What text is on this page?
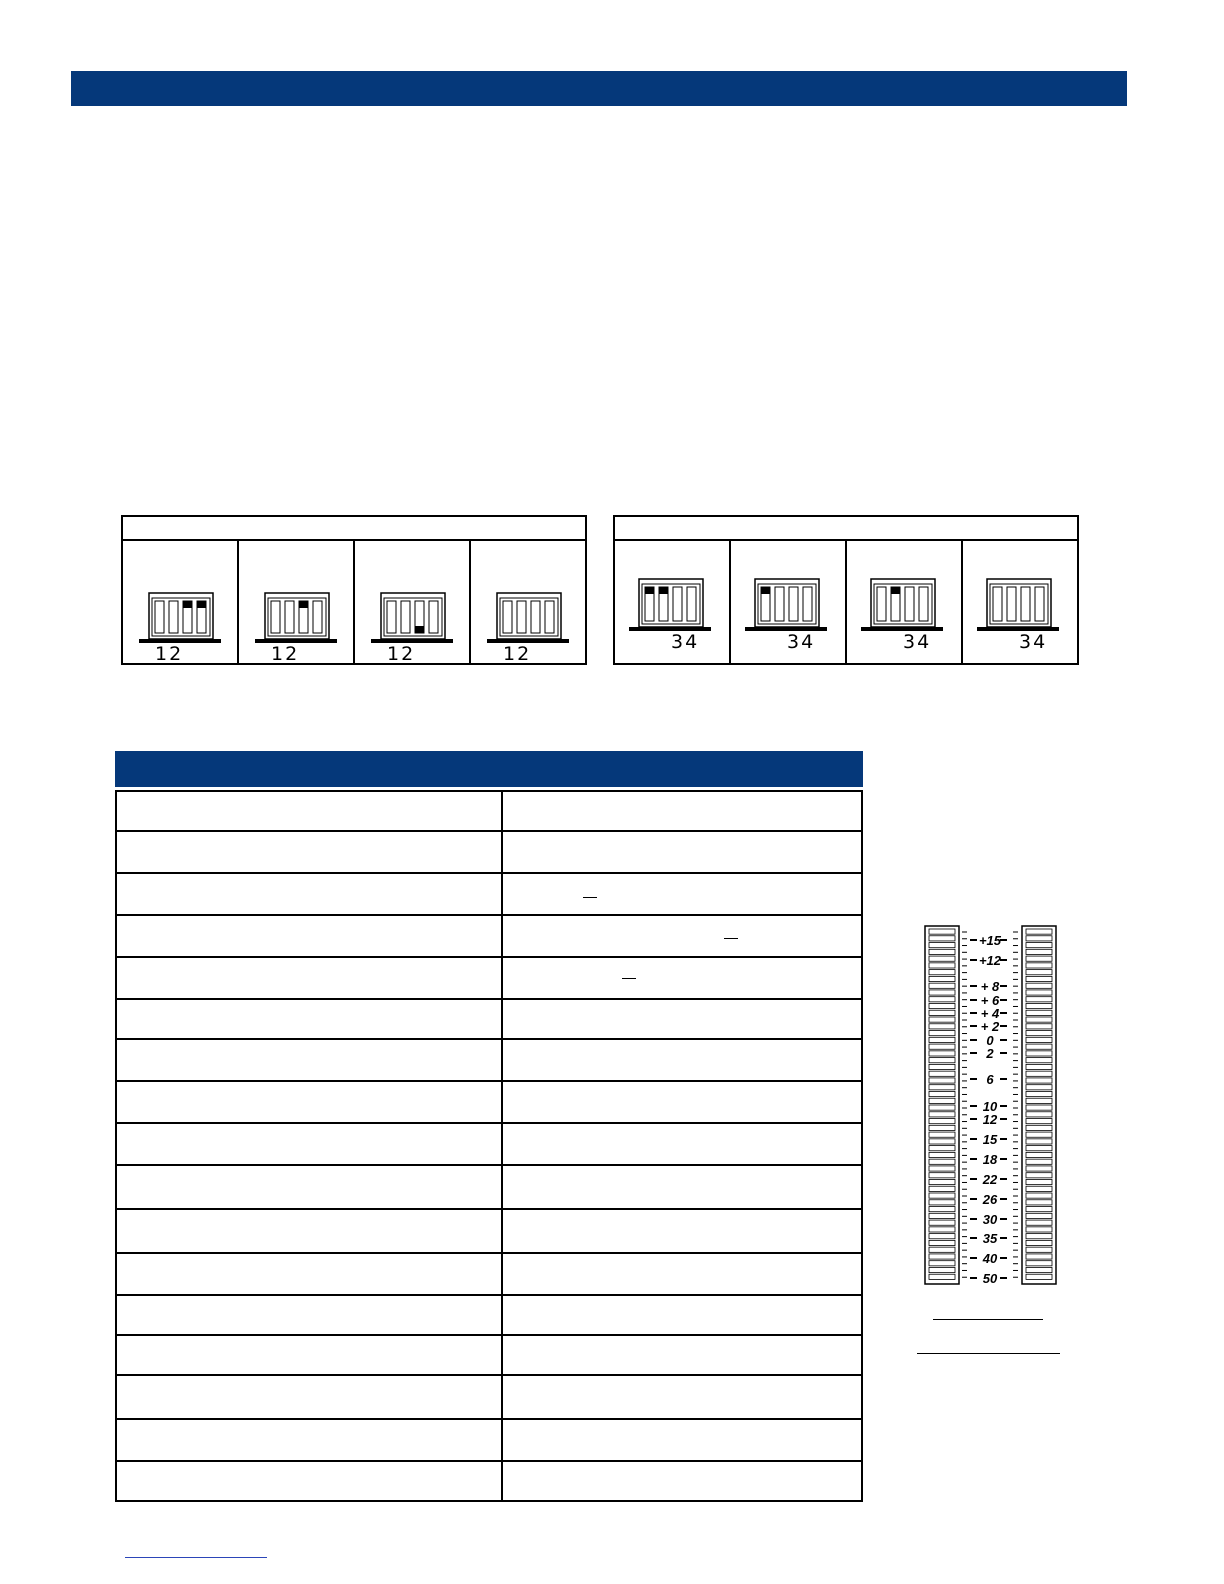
12	12	12	12
34	34	34	34

+15
+12
+ 8
+ 6
+ 4
+ 2
0
2
6
10
12
15
18
22
26
30
35
40
50
